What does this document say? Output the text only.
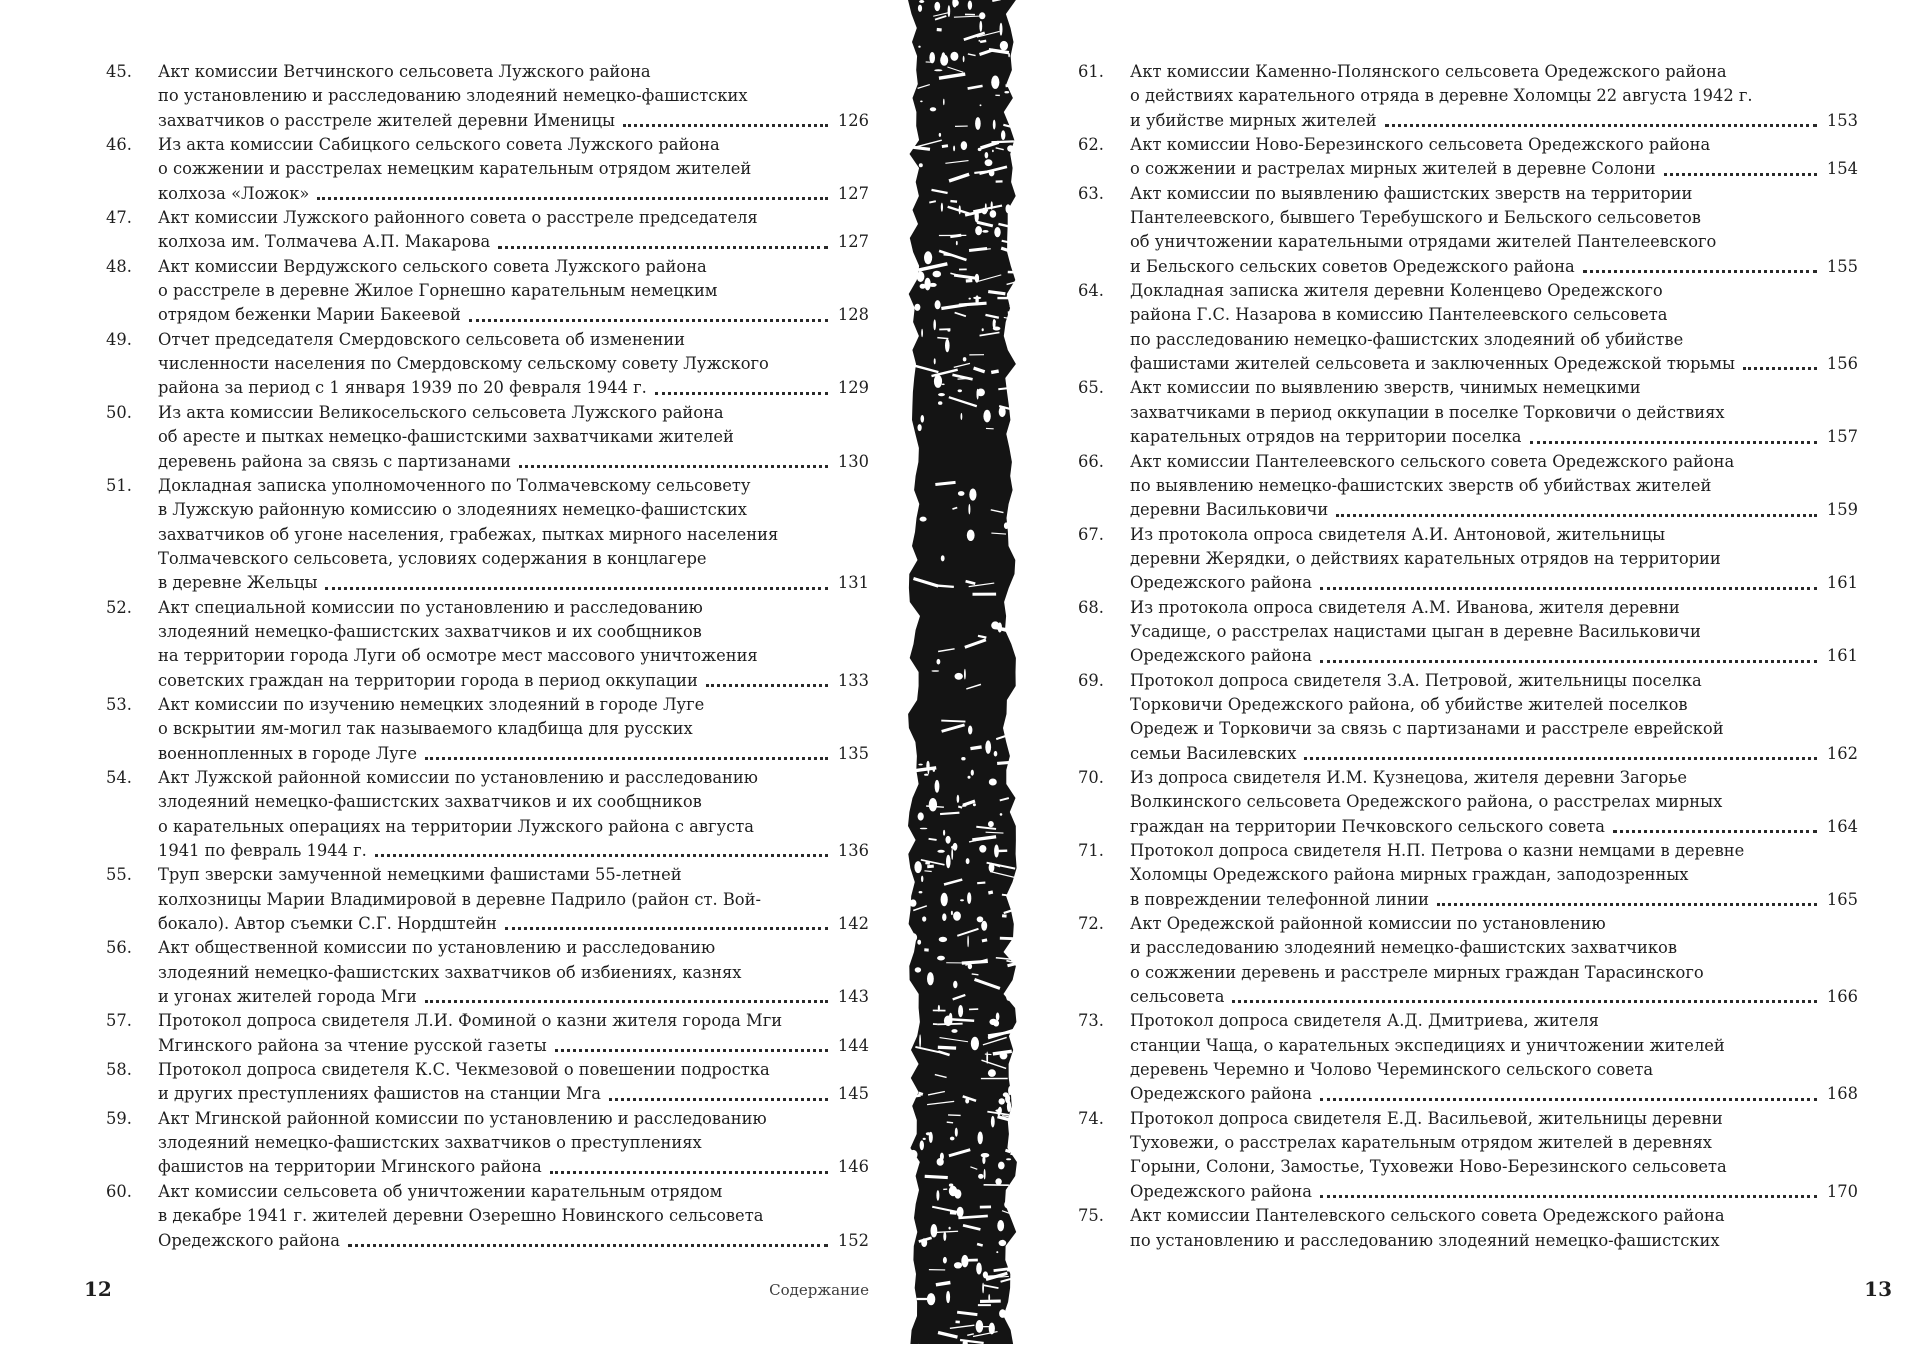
45.	Акт комиссии Ветчинского сельсовета Лужского района
по установлению и расследованию злодеяний немецко-фашистских
захватчиков о расстреле жителей деревни Именицы	126
46.	Из акта комиссии Сабицкого сельского совета Лужского района
о сожжении и расстрелах немецким карательным отрядом жителей
колхоза «Ложок»	127
47.	Акт комиссии Лужского районного совета о расстреле председателя
колхоза им. Толмачева А.П. Макарова	127
48.	Акт комиссии Вердужского сельского совета Лужского района
о расстреле в деревне Жилое Горнешно карательным немецким
отрядом беженки Марии Бакеевой	128
49.	Отчет председателя Смердовского сельсовета об изменении
численности населения по Смердовскому сельскому совету Лужского
района за период с 1 января 1939 по 20 февраля 1944 г.	129
50.	Из акта комиссии Великосельского сельсовета Лужского района
об аресте и пытках немецко-фашистскими захватчиками жителей
деревень района за связь с партизанами	130
51.	Докладная записка уполномоченного по Толмачевскому сельсовету
в Лужскую районную комиссию о злодеяниях немецко-фашистских
захватчиков об угоне населения, грабежах, пытках мирного населения
Толмачевского сельсовета, условиях содержания в концлагере
в деревне Жельцы	131
52.	Акт специальной комиссии по установлению и расследованию
злодеяний немецко-фашистских захватчиков и их сообщников
на территории города Луги об осмотре мест массового уничтожения
советских граждан на территории города в период оккупации	133
53.	Акт комиссии по изучению немецких злодеяний в городе Луге
о вскрытии ям-могил так называемого кладбища для русских
военнопленных в городе Луге	135
54.	Акт Лужской районной комиссии по установлению и расследованию
злодеяний немецко-фашистских захватчиков и их сообщников
о карательных операциях на территории Лужского района с августа
1941 по февраль 1944 г.	136
55.	Труп зверски замученной немецкими фашистами 55-летней
колхозницы Марии Владимировой в деревне Падрило (район ст. Вой-
бокало). Автор съемки С.Г. Нордштейн	142
56.	Акт общественной комиссии по установлению и расследованию
злодеяний немецко-фашистских захватчиков об избиениях, казнях
и угонах жителей города Мги	143
57.	Протокол допроса свидетеля Л.И. Фоминой о казни жителя города Мги
Мгинского района за чтение русской газеты	144
58.	Протокол допроса свидетеля К.С. Чекмезовой о повешении подростка
и других преступлениях фашистов на станции Мга	145
59.	Акт Мгинской районной комиссии по установлению и расследованию
злодеяний немецко-фашистских захватчиков о преступлениях
фашистов на территории Мгинского района	146
60.	Акт комиссии сельсовета об уничтожении карательным отрядом
в декабре 1941 г. жителей деревни Озерешно Новинского сельсовета
Оредежского района	152
12	Содержание
61.	Акт комиссии Каменно-Полянского сельсовета Оредежского района
о действиях карательного отряда в деревне Холомцы 22 августа 1942 г.
и убийстве мирных жителей	153
62.	Акт комиссии Ново-Березинского сельсовета Оредежского района
о сожжении и растрелах мирных жителей в деревне Солони	154
63.	Акт комиссии по выявлению фашистских зверств на территории
Пантелеевского, бывшего Теребушского и Бельского сельсоветов
об уничтожении карательными отрядами жителей Пантелеевского
и Бельского сельских советов Оредежского района	155
64.	Докладная записка жителя деревни Коленцево Оредежского
района Г.С. Назарова в комиссию Пантелеевского сельсовета
по расследованию немецко-фашистских злодеяний об убийстве
фашистами жителей сельсовета и заключенных Оредежской тюрьмы	156
65.	Акт комиссии по выявлению зверств, чинимых немецкими
захватчиками в период оккупации в поселке Торковичи о действиях
карательных отрядов на территории поселка	157
66.	Акт комиссии Пантелеевского сельского совета Оредежского района
по выявлению немецко-фашистских зверств об убийствах жителей
деревни Васильковичи	159
67.	Из протокола опроса свидетеля А.И. Антоновой, жительницы
деревни Жерядки, о действиях карательных отрядов на территории
Оредежского района	161
68.	Из протокола опроса свидетеля А.М. Иванова, жителя деревни
Усадище, о расстрелах нацистами цыган в деревне Васильковичи
Оредежского района	161
69.	Протокол допроса свидетеля З.А. Петровой, жительницы поселка
Торковичи Оредежского района, об убийстве жителей поселков
Оредеж и Торковичи за связь с партизанами и расстреле еврейской
семьи Василевских	162
70.	Из допроса свидетеля И.М. Кузнецова, жителя деревни Загорье
Волкинского сельсовета Оредежского района, о расстрелах мирных
граждан на территории Печковского сельского совета	164
71.	Протокол допроса свидетеля Н.П. Петрова о казни немцами в деревне
Холомцы Оредежского района мирных граждан, заподозренных
в повреждении телефонной линии	165
72.	Акт Оредежской районной комиссии по установлению
и расследованию злодеяний немецко-фашистских захватчиков
о сожжении деревень и расстреле мирных граждан Тарасинского
сельсовета	166
73.	Протокол допроса свидетеля А.Д. Дмитриева, жителя
станции Чаща, о карательных экспедициях и уничтожении жителей
деревень Черемно и Чолово Череминского сельского совета
Оредежского района	168
74.	Протокол допроса свидетеля Е.Д. Васильевой, жительницы деревни
Туховежи, о расстрелах карательным отрядом жителей в деревнях
Горыни, Солони, Замостье, Туховежи Ново-Березинского сельсовета
Оредежского района	170
75.	Акт комиссии Пантелевского сельского совета Оредежского района
по установлению и расследованию злодеяний немецко-фашистских
13
